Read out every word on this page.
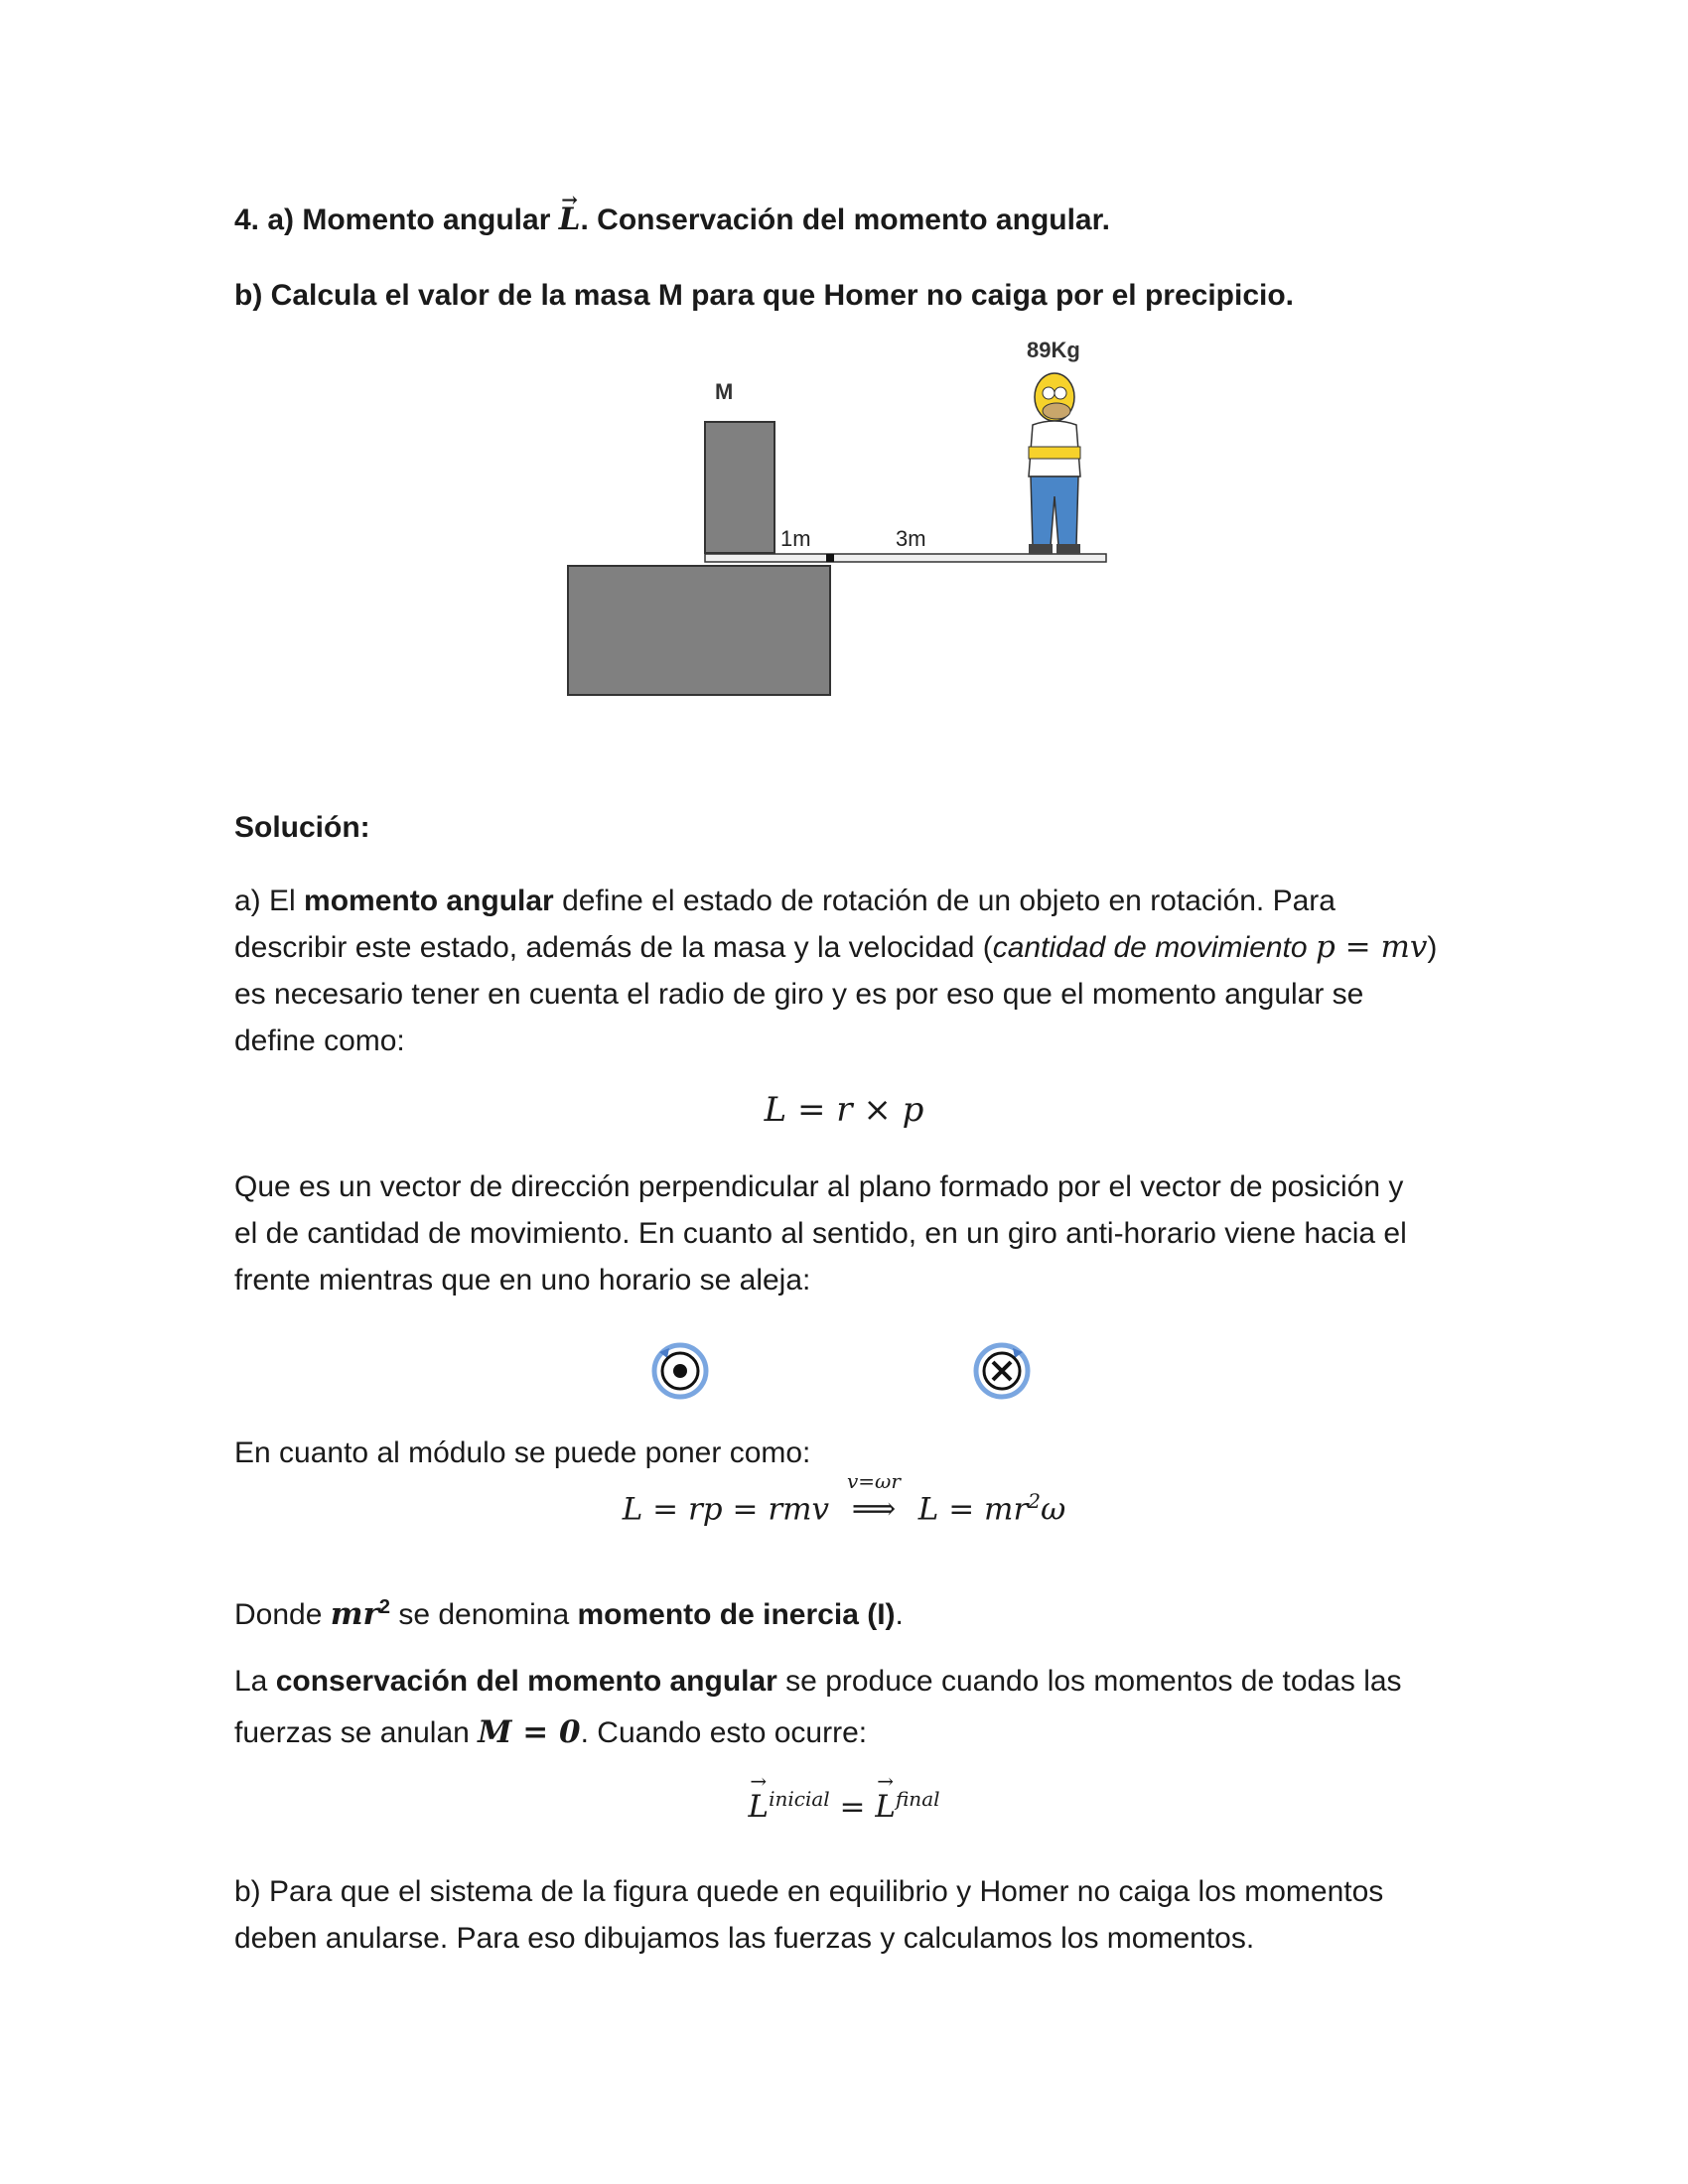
4. a) Momento angular → L. Conservación del momento angular.

b) Calcula el valor de la masa M para que Homer no caiga por el precipicio.

M
89Kg
1m	3m

Solución:

a) El momento angular define el estado de rotación de un objeto en rotación. Para

describir este estado, además de la masa y la velocidad (cantidad de movimiento p = mv)

es necesario tener en cuenta el radio de giro y es por eso que el momento angular se

define como:

L = r × p

Que es un vector de dirección perpendicular al plano formado por el vector de posición y

el de cantidad de movimiento. En cuanto al sentido, en un giro anti-horario viene hacia el

frente mientras que en uno horario se aleja:

En cuanto al módulo se puede poner como:

L = rp = rmv
v=ωr
⟹ $L = mr^2\omega$

Donde $mr^2$ se denomina momento de inercia (I).

La conservación del momento angular se produce cuando los momentos de todas las

fuerzas se anulan M = 0. Cuando esto ocurre:

→ $L^{inicial}$ = → $L^{final}$

b) Para que el sistema de la figura quede en equilibrio y Homer no caiga los momentos

deben anularse. Para eso dibujamos las fuerzas y calculamos los momentos.
